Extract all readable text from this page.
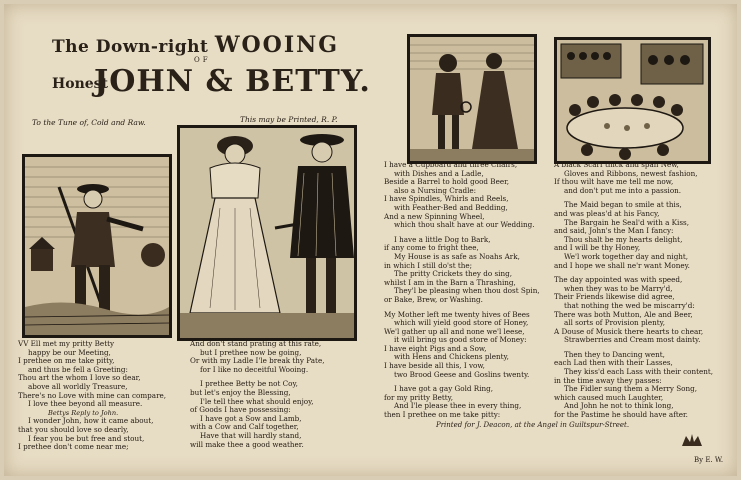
The Down-right WOOING
OF
Honest
JOHN & BETTY.
To the Tune of, Cold and Raw.	This may be Printed, R. P.
VV Ell met my pritty Betty
happy be our Meeting,
I prethee on me take pitty,
and thus be fell a Greeting:
Thou art the whom I love so dear,
above all worldly Treasure,
There's no Love with mine can compare,
I love thee beyond all measure.
Bettys Reply to John.
I wonder John, how it came about,
that you should love so dearly,
I fear you be but free and stout,
I prethee don't come near me;
And don't stand prating at this rate,
but I prethee now be going,
Or with my Ladle I'le break thy Pate,
for I like no deceitful Wooing.
I prethee Betty be not Coy,
but let's enjoy the Blessing,
I'le tell thee what should enjoy,
of Goods I have possessing:
I have got a Sow and Lamb,
with a Cow and Calf together,
Have that will hardly stand,
will make thee a good weather.
I have a Cupboard and three Chairs,
with Dishes and a Ladle,
Beside a Barrel to hold good Beer,
also a Nursing Cradle:
I have Spindles, Whirls and Reels,
with Feather-Bed and Bedding,
And a new Spinning Wheel,
which thou shalt have at our Wedding.
I have a little Dog to Bark,
if any come to fright thee,
My House is as safe as Noahs Ark,
in which I still do'st the;
The pritty Crickets they do sing,
whilst I am in the Barn a Thrashing,
They'l be pleasing when thou dost Spin,
or Bake, Brew, or Washing.
My Mother left me twenty hives of Bees
which will yield good store of Honey,
We'l gather up all and none we'l leese,
it will bring us good store of Money:
I have eight Pigs and a Sow,
with Hens and Chickens plenty,
I have beside all this, I vow,
two Brood Geese and Goslins twenty.
I have got a gay Gold Ring,
for my pritty Betty,
And I'le please thee in every thing,
then I prethee on me take pitty:
A black Scarf thick and span New,
Gloves and Ribbons, newest fashion,
If thou wilt have me tell me now,
and don't put me into a passion.
The Maid began to smile at this,
and was pleas'd at his Fancy,
The Bargain he Seal'd with a Kiss,
and said, John's the Man I fancy:
Thou shalt be my hearts delight,
and I will be thy Honey,
We'l work together day and night,
and I hope we shall ne'r want Money.
The day appointed was with speed,
when they was to be Marry'd,
Their Friends likewise did agree,
that nothing the wed be miscarry'd:
There was both Mutton, Ale and Beer,
all sorts of Provision plenty,
A Douse of Musick there hearts to chear,
Strawberries and Cream most dainty.
Then they to Dancing went,
each Lad then with their Lasses,
They kiss'd each Lass with their content,
in the time away they passes:
The Fidler sung them a Merry Song,
which caused much Laughter,
And John he not to think long,
for the Pastime he should have after.
Printed for J. Deacon, at the Angel in Guiltspur-Street.
By E. W.
